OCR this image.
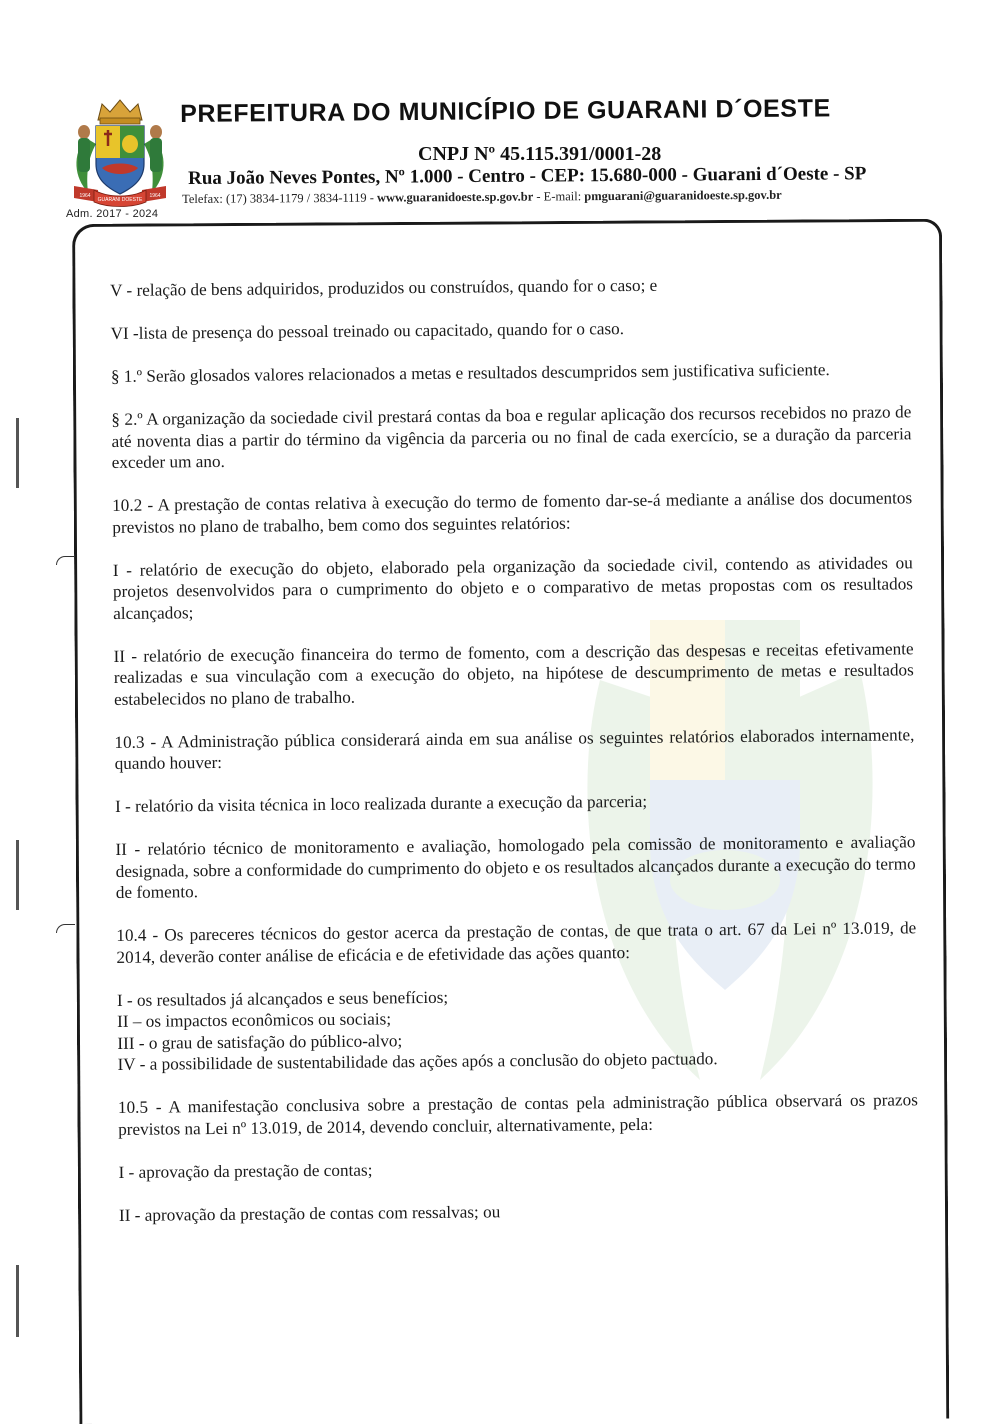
1964
GUARANI DOESTE
1964
Adm. 2017 - 2024
PREFEITURA DO MUNICÍPIO DE GUARANI D´OESTE
CNPJ Nº 45.115.391/0001-28
Rua João Neves Pontes, Nº 1.000 - Centro - CEP: 15.680-000 - Guarani d´Oeste - SP
Telefax: (17) 3834-1179 / 3834-1119 - www.guaranidoeste.sp.gov.br - E-mail: pmguarani@guaranidoeste.sp.gov.br

V - relação de bens adquiridos, produzidos ou construídos, quando for o caso; e

VI -lista de presença do pessoal treinado ou capacitado, quando for o caso.

§ 1.º Serão glosados valores relacionados a metas e resultados descumpridos sem justificativa suficiente.

§ 2.º A organização da sociedade civil prestará contas da boa e regular aplicação dos recursos recebidos no prazo de até noventa dias a partir do término da vigência da parceria ou no final de cada exercício, se a duração da parceria exceder um ano.

10.2 - A prestação de contas relativa à execução do termo de fomento dar-se-á mediante a análise dos documentos previstos no plano de trabalho, bem como dos seguintes relatórios:

I - relatório de execução do objeto, elaborado pela organização da sociedade civil, contendo as atividades ou projetos desenvolvidos para o cumprimento do objeto e o comparativo de metas propostas com os resultados alcançados;

II - relatório de execução financeira do termo de fomento, com a descrição das despesas e receitas efetivamente realizadas e sua vinculação com a execução do objeto, na hipótese de descumprimento de metas e resultados estabelecidos no plano de trabalho.

10.3 - A Administração pública considerará ainda em sua análise os seguintes relatórios elaborados internamente, quando houver:

I - relatório da visita técnica in loco realizada durante a execução da parceria;

II - relatório técnico de monitoramento e avaliação, homologado pela comissão de monitoramento e avaliação designada, sobre a conformidade do cumprimento do objeto e os resultados alcançados durante a execução do termo de fomento.

10.4 - Os pareceres técnicos do gestor acerca da prestação de contas, de que trata o art. 67 da Lei nº 13.019, de 2014, deverão conter análise de eficácia e de efetividade das ações quanto:

I - os resultados já alcançados e seus benefícios;

II – os impactos econômicos ou sociais;

III - o grau de satisfação do público-alvo;

IV - a possibilidade de sustentabilidade das ações após a conclusão do objeto pactuado.

10.5 - A manifestação conclusiva sobre a prestação de contas pela administração pública observará os prazos previstos na Lei nº 13.019, de 2014, devendo concluir, alternativamente, pela:

I - aprovação da prestação de contas;

II - aprovação da prestação de contas com ressalvas; ou
